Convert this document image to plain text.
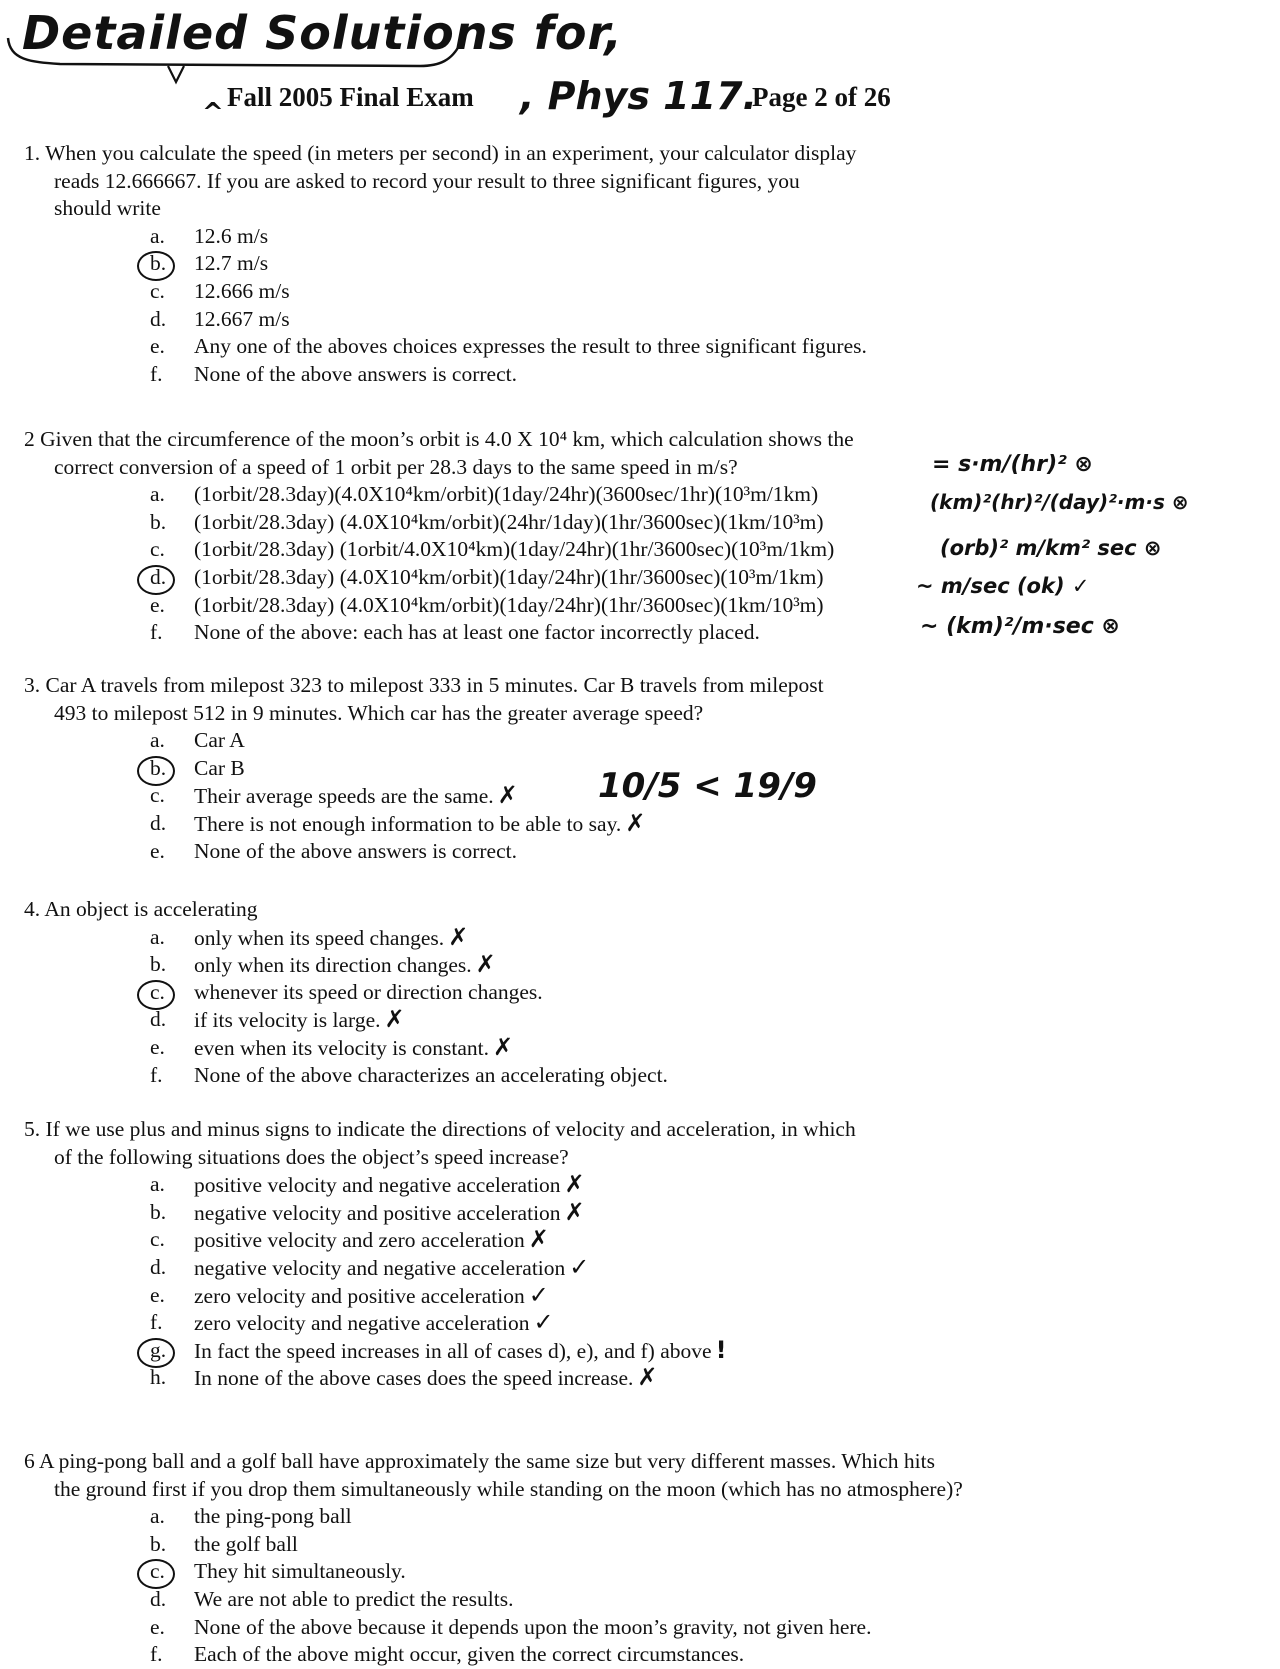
Detailed Solutions for,
^
Fall 2005 Final Exam , Phys 117.
Page 2 of 26

1. When you calculate the speed (in meters per second) in an experiment, your calculator display
reads 12.666667. If you are asked to record your result to three significant figures, you
should write

a.	12.6 m/s
b.	12.7 m/s
c.	12.666 m/s
d.	12.667 m/s
e.	Any one of the aboves choices expresses the result to three significant figures.
f.	None of the above answers is correct.

2 Given that the circumference of the moon’s orbit is 4.0 X 10⁴ km, which calculation shows the
correct conversion of a speed of 1 orbit per 28.3 days to the same speed in m/s?

a.	(1orbit/28.3day)(4.0X10⁴km/orbit)(1day/24hr)(3600sec/1hr)(10³m/1km)
b.	(1orbit/28.3day) (4.0X10⁴km/orbit)(24hr/1day)(1hr/3600sec)(1km/10³m)
c.	(1orbit/28.3day) (1orbit/4.0X10⁴km)(1day/24hr)(1hr/3600sec)(10³m/1km)
d.	(1orbit/28.3day) (4.0X10⁴km/orbit)(1day/24hr)(1hr/3600sec)(10³m/1km)
e.	(1orbit/28.3day) (4.0X10⁴km/orbit)(1day/24hr)(1hr/3600sec)(1km/10³m)
f.	None of the above: each has at least one factor incorrectly placed.
= s·m/(hr)² ⊗
(km)²(hr)²/(day)²·m·s ⊗
(orb)² m/km² sec ⊗
~ m/sec (ok) ✓
~ (km)²/m·sec ⊗

3. Car A travels from milepost 323 to milepost 333 in 5 minutes. Car B travels from milepost
493 to milepost 512 in 9 minutes. Which car has the greater average speed?

a.	Car A
b.	Car B
c.	Their average speeds are the same. ✗
d.	There is not enough information to be able to say. ✗
e.	None of the above answers is correct.
10/5 < 19/9

4. An object is accelerating

a.	only when its speed changes. ✗
b.	only when its direction changes. ✗
c.	whenever its speed or direction changes.
d.	if its velocity is large. ✗
e.	even when its velocity is constant. ✗
f.	None of the above characterizes an accelerating object.

5. If we use plus and minus signs to indicate the directions of velocity and acceleration, in which
of the following situations does the object’s speed increase?

a.	positive velocity and negative acceleration ✗
b.	negative velocity and positive acceleration ✗
c.	positive velocity and zero acceleration ✗
d.	negative velocity and negative acceleration ✓
e.	zero velocity and positive acceleration ✓
f.	zero velocity and negative acceleration ✓
g.	In fact the speed increases in all of cases d), e), and f) above !
h.	In none of the above cases does the speed increase. ✗

6 A ping-pong ball and a golf ball have approximately the same size but very different masses. Which hits
the ground first if you drop them simultaneously while standing on the moon (which has no atmosphere)?

a.	the ping-pong ball
b.	the golf ball
c.	They hit simultaneously.
d.	We are not able to predict the results.
e.	None of the above because it depends upon the moon’s gravity, not given here.
f.	Each of the above might occur, given the correct circumstances.
